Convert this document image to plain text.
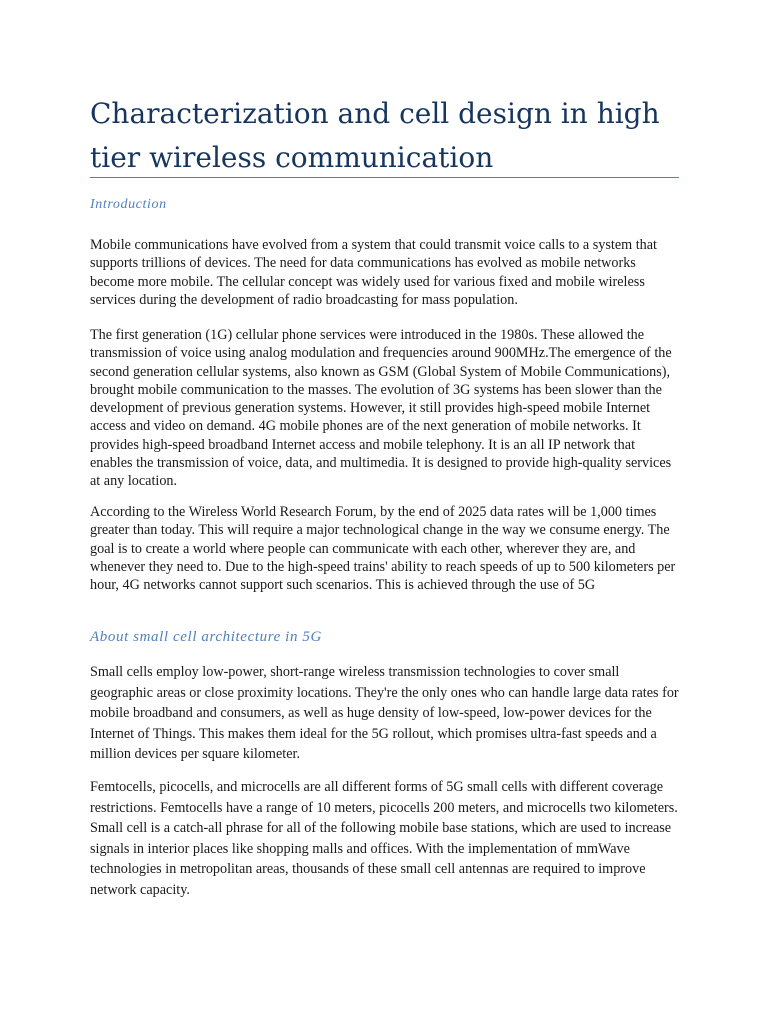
Characterization and cell design in high tier wireless communication
Introduction

Mobile communications have evolved from a system that could transmit voice calls to a system that supports trillions of devices. The need for data communications has evolved as mobile networks become more mobile. The cellular concept was widely used for various fixed and mobile wireless services during the development of radio broadcasting for mass population.

The first generation (1G) cellular phone services were introduced in the 1980s. These allowed the transmission of voice using analog modulation and frequencies around 900MHz.The emergence of the second generation cellular systems, also known as GSM (Global System of Mobile Communications), brought mobile communication to the masses. The evolution of 3G systems has been slower than the development of previous generation systems. However, it still provides high-speed mobile Internet access and video on demand. 4G mobile phones are of the next generation of mobile networks. It provides high-speed broadband Internet access and mobile telephony. It is an all IP network that enables the transmission of voice, data, and multimedia. It is designed to provide high-quality services at any location.

According to the Wireless World Research Forum, by the end of 2025 data rates will be 1,000 times greater than today. This will require a major technological change in the way we consume energy. The goal is to create a world where people can communicate with each other, wherever they are, and whenever they need to. Due to the high-speed trains' ability to reach speeds of up to 500 kilometers per hour, 4G networks cannot support such scenarios. This is achieved through the use of 5G

About small cell architecture in 5G

Small cells employ low-power, short-range wireless transmission technologies to cover small geographic areas or close proximity locations. They're the only ones who can handle large data rates for mobile broadband and consumers, as well as huge density of low-speed, low-power devices for the Internet of Things. This makes them ideal for the 5G rollout, which promises ultra-fast speeds and a million devices per square kilometer.

Femtocells, picocells, and microcells are all different forms of 5G small cells with different coverage restrictions. Femtocells have a range of 10 meters, picocells 200 meters, and microcells two kilometers. Small cell is a catch-all phrase for all of the following mobile base stations, which are used to increase signals in interior places like shopping malls and offices. With the implementation of mmWave technologies in metropolitan areas, thousands of these small cell antennas are required to improve network capacity.
